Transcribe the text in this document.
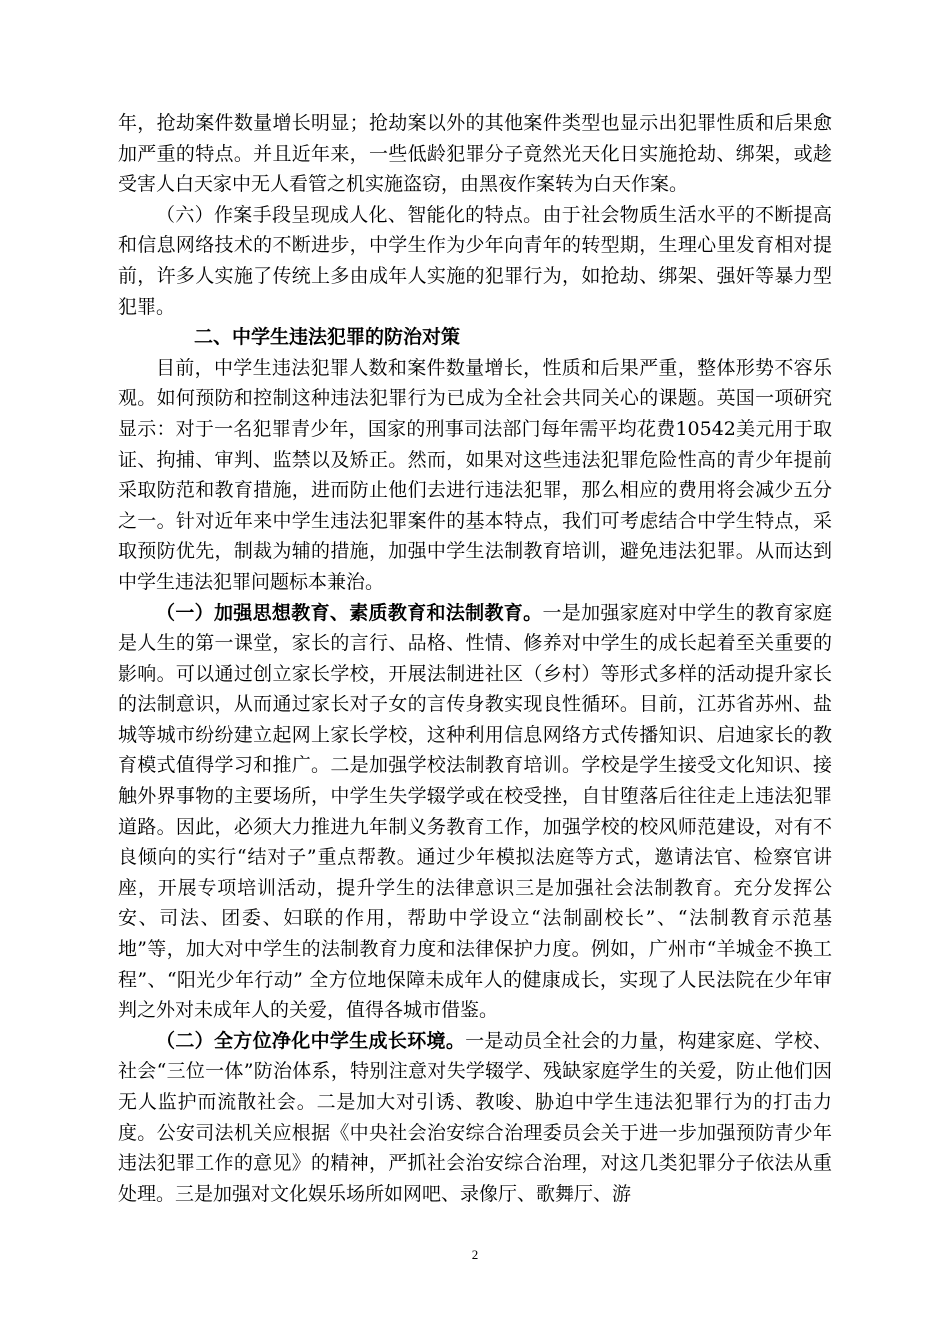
年，抢劫案件数量增长明显；抢劫案以外的其他案件类型也显示出犯罪性质和后果愈加严重的特点。并且近年来，一些低龄犯罪分子竟然光天化日实施抢劫、绑架，或趁受害人白天家中无人看管之机实施盗窃，由黑夜作案转为白天作案。

（六）作案手段呈现成人化、智能化的特点。由于社会物质生活水平的不断提高和信息网络技术的不断进步，中学生作为少年向青年的转型期，生理心里发育相对提前，许多人实施了传统上多由成年人实施的犯罪行为，如抢劫、绑架、强奸等暴力型犯罪。

二、中学生违法犯罪的防治对策

目前，中学生违法犯罪人数和案件数量增长，性质和后果严重，整体形势不容乐观。如何预防和控制这种违法犯罪行为已成为全社会共同关心的课题。英国一项研究显示：对于一名犯罪青少年，国家的刑事司法部门每年需平均花费10542美元用于取证、拘捕、审判、监禁以及矫正。然而，如果对这些违法犯罪危险性高的青少年提前采取防范和教育措施，进而防止他们去进行违法犯罪，那么相应的费用将会减少五分之一。针对近年来中学生违法犯罪案件的基本特点，我们可考虑结合中学生特点，采取预防优先，制裁为辅的措施，加强中学生法制教育培训，避免违法犯罪。从而达到中学生违法犯罪问题标本兼治。

（一）加强思想教育、素质教育和法制教育。一是加强家庭对中学生的教育家庭是人生的第一课堂，家长的言行、品格、性情、修养对中学生的成长起着至关重要的影响。可以通过创立家长学校，开展法制进社区（乡村）等形式多样的活动提升家长的法制意识，从而通过家长对子女的言传身教实现良性循环。目前，江苏省苏州、盐城等城市纷纷建立起网上家长学校，这种利用信息网络方式传播知识、启迪家长的教育模式值得学习和推广。二是加强学校法制教育培训。学校是学生接受文化知识、接触外界事物的主要场所，中学生失学辍学或在校受挫，自甘堕落后往往走上违法犯罪道路。因此，必须大力推进九年制义务教育工作，加强学校的校风师范建设，对有不良倾向的实行“结对子”重点帮教。通过少年模拟法庭等方式，邀请法官、检察官讲座，开展专项培训活动，提升学生的法律意识三是加强社会法制教育。充分发挥公安、司法、团委、妇联的作用，帮助中学设立“法制副校长”、“法制教育示范基地”等，加大对中学生的法制教育力度和法律保护力度。例如，广州市“羊城金不换工程”、“阳光少年行动” 全方位地保障未成年人的健康成长，实现了人民法院在少年审判之外对未成年人的关爱，值得各城市借鉴。

（二）全方位净化中学生成长环境。一是动员全社会的力量，构建家庭、学校、社会“三位一体”防治体系，特别注意对失学辍学、残缺家庭学生的关爱，防止他们因无人监护而流散社会。二是加大对引诱、教唆、胁迫中学生违法犯罪行为的打击力度。公安司法机关应根据《中央社会治安综合治理委员会关于进一步加强预防青少年违法犯罪工作的意见》的精神，严抓社会治安综合治理，对这几类犯罪分子依法从重处理。三是加强对文化娱乐场所如网吧、录像厅、歌舞厅、游

2
